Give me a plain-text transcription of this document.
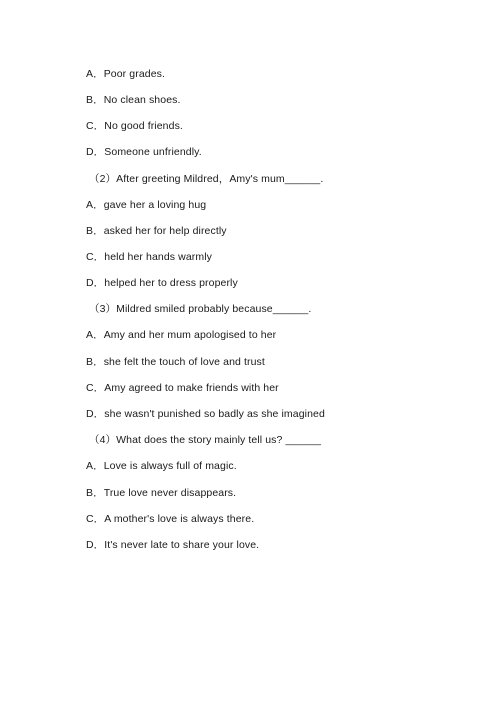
A．Poor grades.
B．No clean shoes.
C．No good friends.
D．Someone unfriendly.
（2）After greeting Mildred，Amy's mum______.
A．gave her a loving hug
B．asked her for help directly
C．held her hands warmly
D．helped her to dress properly
（3）Mildred smiled probably because______.
A．Amy and her mum apologised to her
B．she felt the touch of love and trust
C．Amy agreed to make friends with her
D．she wasn't punished so badly as she imagined
（4）What does the story mainly tell us? ______
A．Love is always full of magic.
B．True love never disappears.
C．A mother's love is always there.
D．It's never late to share your love.
